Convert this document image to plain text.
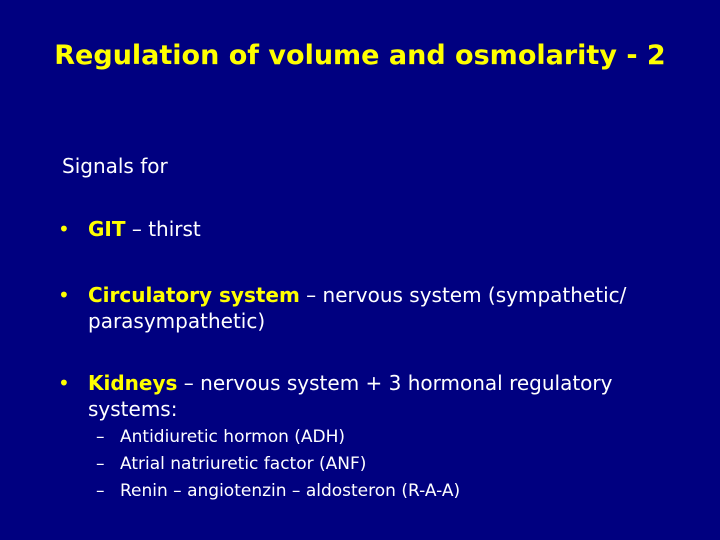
Regulation of volume and osmolarity - 2

Signals for

• GIT – thirst
• Circulatory system – nervous system (sympathetic/ parasympathetic)
• Kidneys – nervous system + 3 hormonal regulatory systems:
– Antidiuretic hormon (ADH)
– Atrial natriuretic factor (ANF)
– Renin – angiotenzin – aldosteron (R-A-A)
